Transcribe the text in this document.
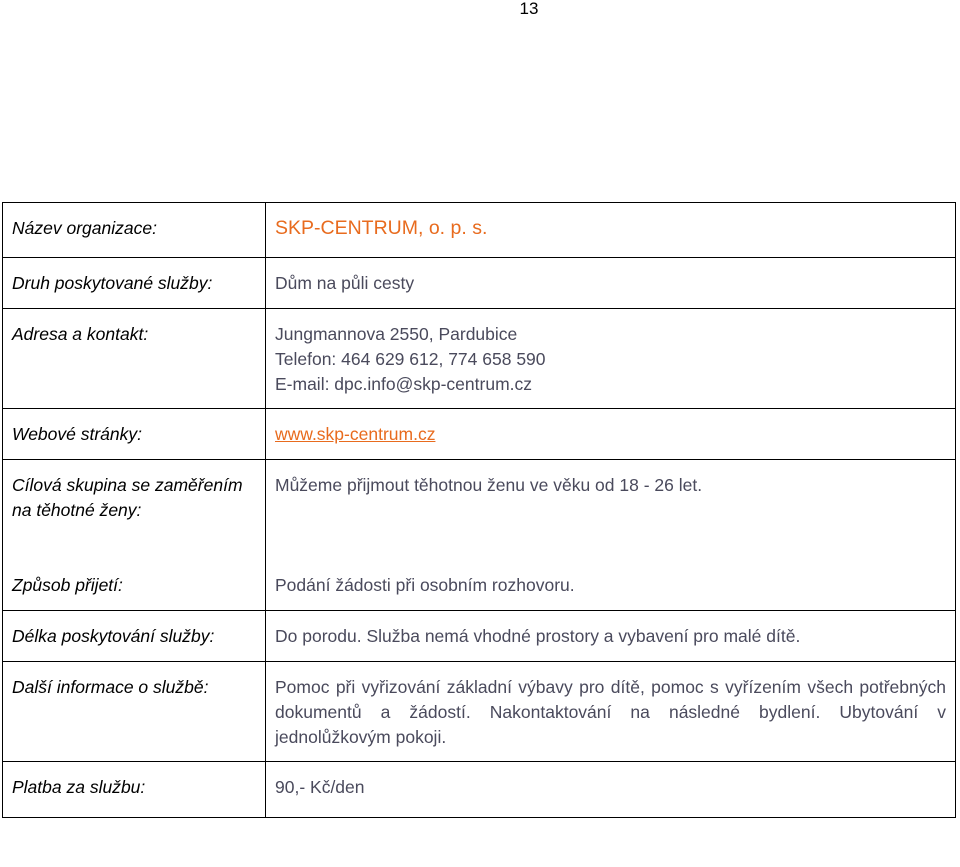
13
Název organizace:	SKP-CENTRUM, o. p. s.
Druh poskytované služby:	Dům na půli cesty
Adresa a kontakt:	Jungmannova 2550, Pardubice
Telefon: 464 629 612, 774 658 590
E-mail: dpc.info@skp-centrum.cz

Webové stránky:	www.skp-centrum.cz
Cílová skupina se zaměřením na těhotné ženy:	Můžeme přijmout těhotnou ženu ve věku od 18 - 26 let.
Způsob přijetí:	Podání žádosti při osobním rozhovoru.
Délka poskytování služby:	Do porodu. Služba nemá vhodné prostory a vybavení pro malé dítě.
Další informace o službě:	Pomoc při vyřizování základní výbavy pro dítě, pomoc s vyřízením všech potřebných dokumentů a žádostí. Nakontaktování na následné bydlení. Ubytování v jednolůžkovým pokoji.
Platba za službu:	90,- Kč/den
